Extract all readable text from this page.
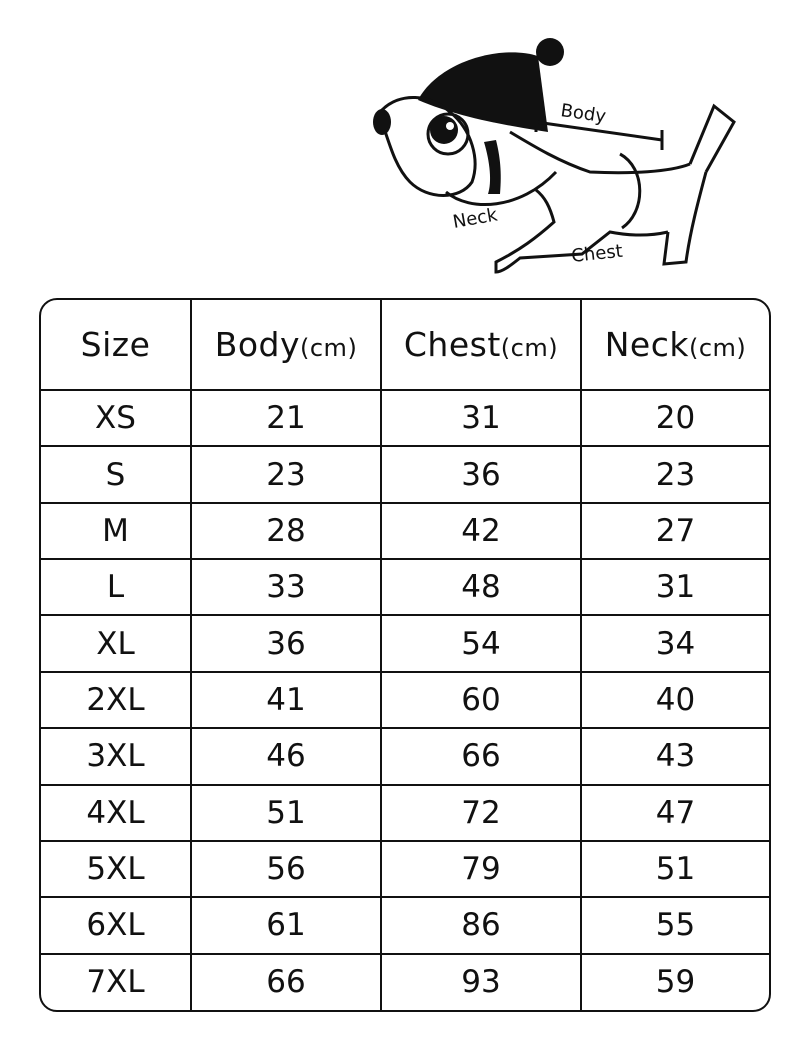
Body
Neck
Chest
Size	Body(cm)	Chest(cm)	Neck(cm)
XS	21	31	20
S	23	36	23
M	28	42	27
L	33	48	31
XL	36	54	34
2XL	41	60	40
3XL	46	66	43
4XL	51	72	47
5XL	56	79	51
6XL	61	86	55
7XL	66	93	59
